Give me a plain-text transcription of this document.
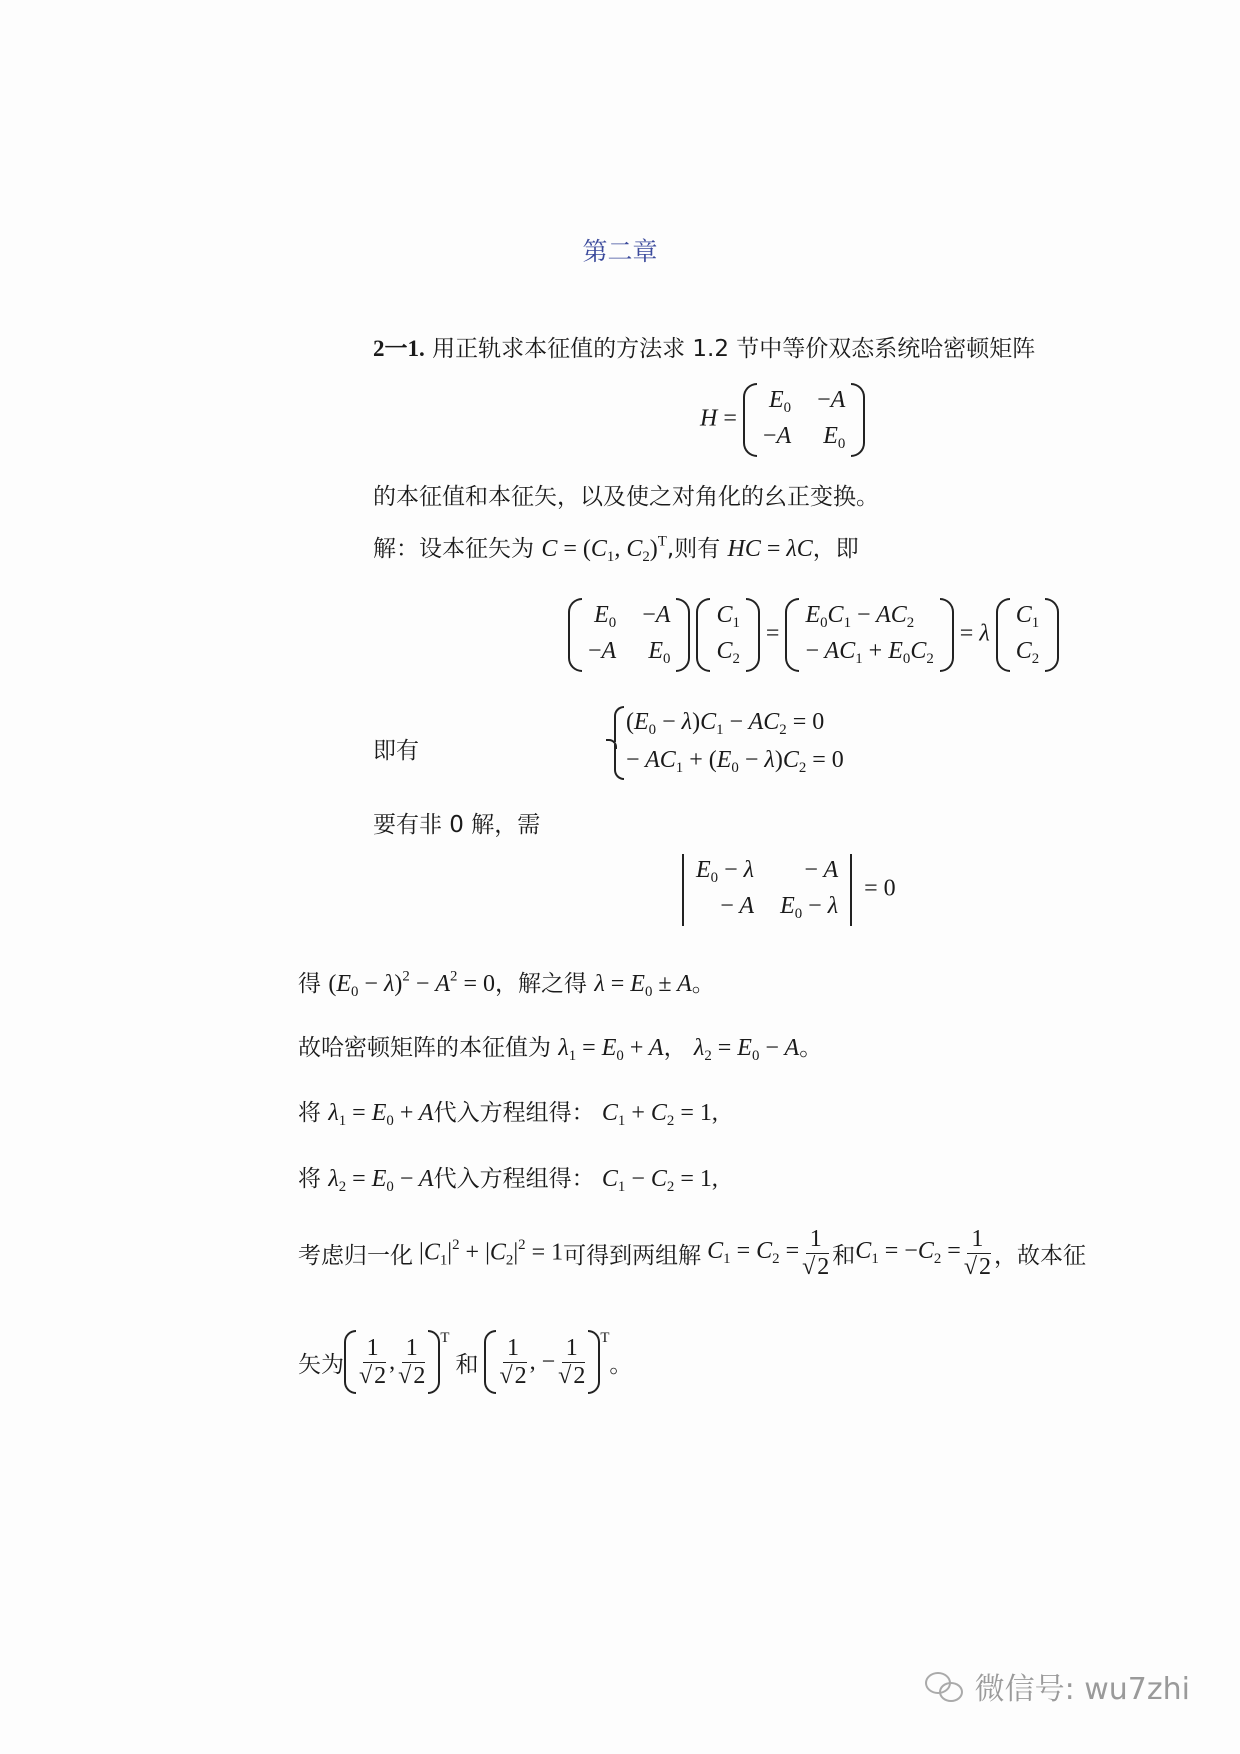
第二章
2一1. 用正轨求本征值的方法求 1.2 节中等价双态系统哈密顿矩阵
H =
$E_0 -A$
−A $E_0$
的本征值和本征矢，以及使之对角化的幺正变换。
解：设本征矢为 $C = (C_1$, $C_2)^T$,则有 HC = λC，即
$E_0 -A$
−A $E_0$

$C_1$
$C_2$
=
$E_0C_1 - AC_2$
− $AC_1 + E_0C_2$
= λ
$C_1$
$C_2$
即有
$(E_0 - \lambda)C_1 - AC_2 = 0$
− $AC_1 + (E_0 - \lambda)C_2 = 0$
要有非 0 解，需
$E_0 - \lambda$	− A
− A $E_0 - \lambda$
= 0
得 $(E_0 - \lambda)^2 - A^2 = 0$，解之得 $\lambda = E_0 \pm A$。
故哈密顿矩阵的本征值为 $\lambda_1 = E_0 + A$， $\lambda_2 = E_0 - A$。
将 $\lambda_1 = E_0 + A$代入方程组得： $C_1 + C_2 = 1$,
将 $\lambda_2 = E_0 - A$代入方程组得： $C_1 - C_2 = 1$,
考虑归一化 $|C_1|^2 + |C_2|^2 = 1$ 可得到两组解 $C_1 = C_2 = \frac{1}{√2}$ 和 $C_1 = -C_2 = \frac{1}{√2}$ ，故本征
矢为 $\frac{1}{√2}$ , $\frac{1}{√2} ^T$
和 $\frac{1}{√2}$ , − $\frac{1}{√2} ^T$
。
微信号: wu7zhi
